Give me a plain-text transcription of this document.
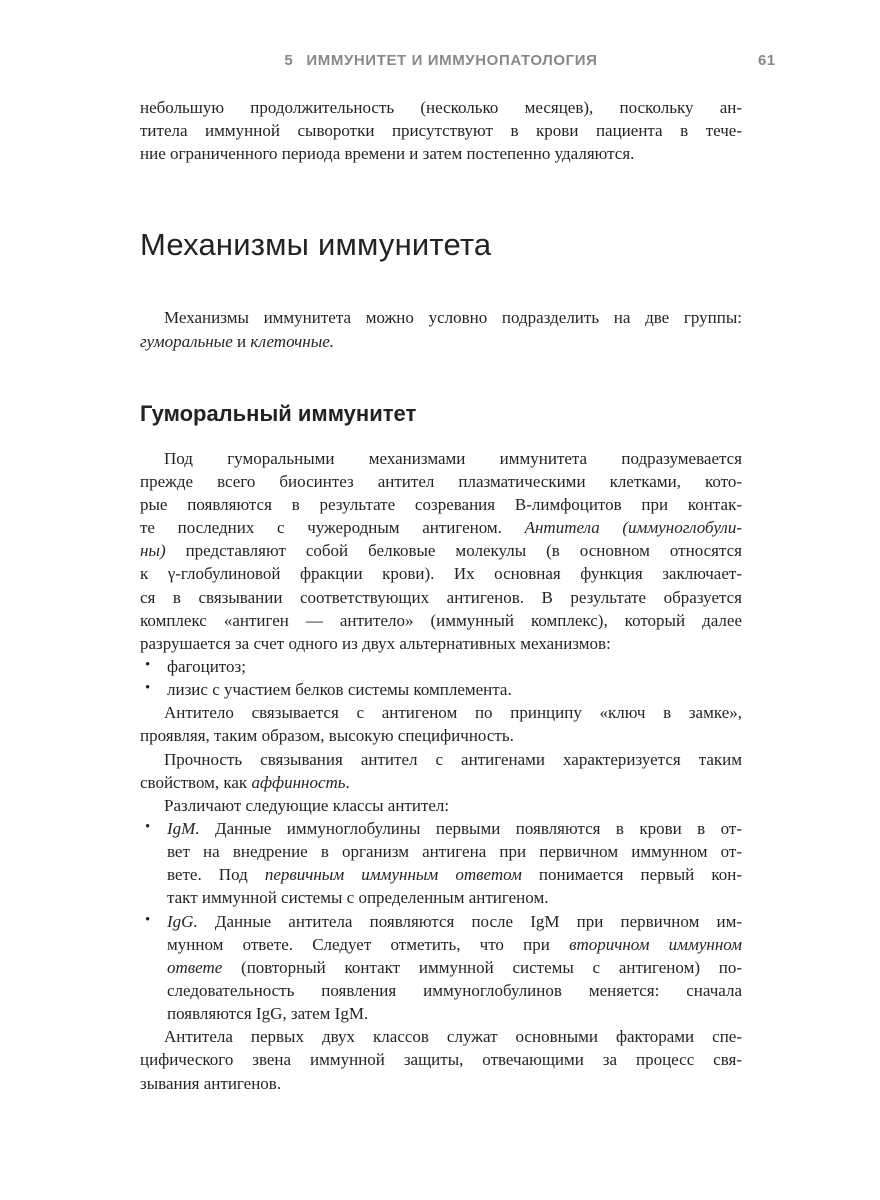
5 ИММУНИТЕТ И ИММУНОПАТОЛОГИЯ	61
небольшую продолжительность (несколько месяцев), поскольку ан-
титела иммунной сыворотки присутствуют в крови пациента в тече-
ние ограниченного периода времени и затем постепенно удаляются.
Механизмы иммунитета
Механизмы иммунитета можно условно подразделить на две группы:
гуморальные и клеточные.
Гуморальный иммунитет
Под гуморальными механизмами иммунитета подразумевается
прежде всего биосинтез антител плазматическими клетками, кото-
рые появляются в результате созревания В-лимфоцитов при контак-
те последних с чужеродным антигеном. Антитела (иммуноглобули-
ны) представляют собой белковые молекулы (в основном относятся
к γ-глобулиновой фракции крови). Их основная функция заключает-
ся в связывании соответствующих антигенов. В результате образуется
комплекс «антиген — антитело» (иммунный комплекс), который далее
разрушается за счет одного из двух альтернативных механизмов:
• фагоцитоз;
• лизис с участием белков системы комплемента.
Антитело связывается с антигеном по принципу «ключ в замке»,
проявляя, таким образом, высокую специфичность.
Прочность связывания антител с антигенами характеризуется таким
свойством, как аффинность.
Различают следующие классы антител:
• IgM. Данные иммуноглобулины первыми появляются в крови в от-
вет на внедрение в организм антигена при первичном иммунном от-
вете. Под первичным иммунным ответом понимается первый кон-
такт иммунной системы с определенным антигеном.
• IgG. Данные антитела появляются после IgM при первичном им-
мунном ответе. Следует отметить, что при вторичном иммунном
ответе (повторный контакт иммунной системы с антигеном) по-
следовательность появления иммуноглобулинов меняется: сначала
появляются IgG, затем IgM.
Антитела первых двух классов служат основными факторами спе-
цифического звена иммунной защиты, отвечающими за процесс свя-
зывания антигенов.
